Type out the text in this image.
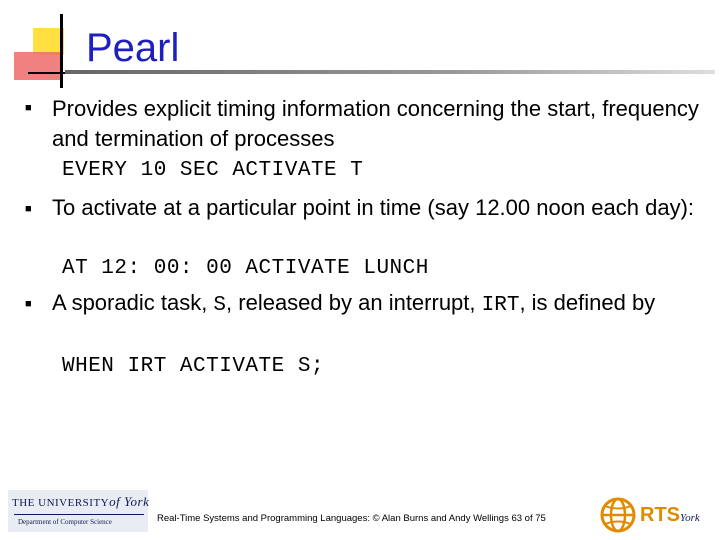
Pearl
■ Provides explicit timing information concerning the start, frequency and termination of processes
EVERY 10 SEC ACTIVATE T
■ To activate at a particular point in time (say 12.00 noon each day):
AT 12: 00: 00 ACTIVATE LUNCH
■ A sporadic task, S, released by an interrupt, IRT, is defined by
WHEN IRT ACTIVATE S;
THE UNIVERSITYof York
Department of Computer Science	Real-Time Systems and Programming Languages: © Alan Burns and Andy Wellings 63 of 75	RTSYork
